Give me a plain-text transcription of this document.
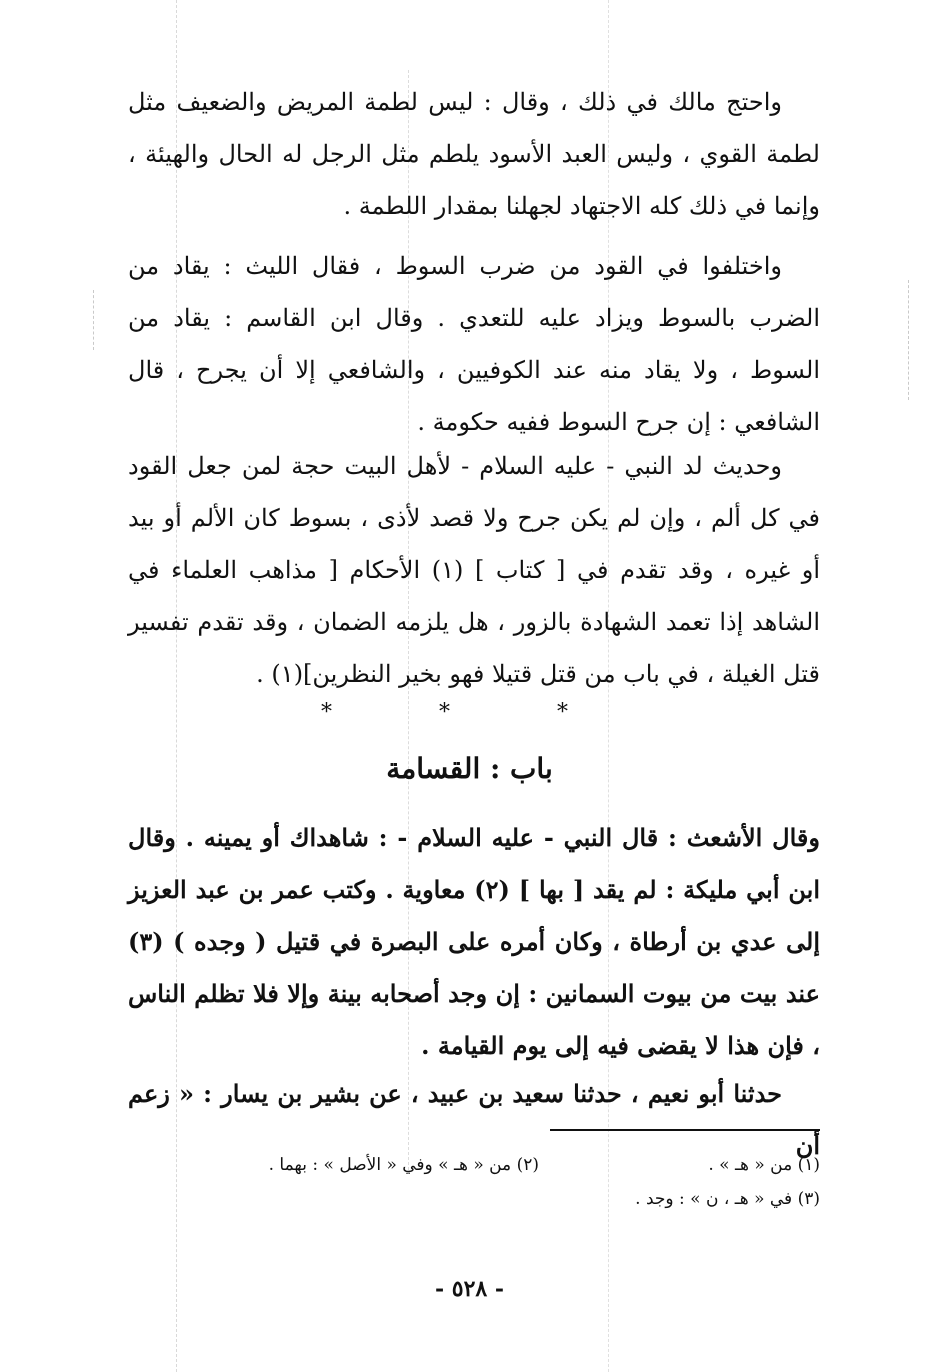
واحتج مالك في ذلك ، وقال : ليس لطمة المريض والضعيف مثل لطمة القوي ، وليس العبد الأسود يلطم مثل الرجل له الحال والهيئة ، وإنما في ذلك كله الاجتهاد لجهلنا بمقدار اللطمة .

واختلفوا في القود من ضرب السوط ، فقال الليث : يقاد من الضرب بالسوط ويزاد عليه للتعدي . وقال ابن القاسم : يقاد من السوط ، ولا يقاد منه عند الكوفيين ، والشافعي إلا أن يجرح ، قال الشافعي : إن جرح السوط ففيه حكومة .

وحديث لد النبي - عليه السلام - لأهل البيت حجة لمن جعل القود في كل ألم ، وإن لم يكن جرح ولا قصد لأذى ، بسوط كان الألم أو بيد أو غيره ، وقد تقدم في [ كتاب ] (١) الأحكام [ مذاهب العلماء في الشاهد إذا تعمد الشهادة بالزور ، هل يلزمه الضمان ، وقد تقدم تفسير قتل الغيلة ، في باب من قتل قتيلا فهو بخير النظرين](١) .

* * *

باب : القسامة

وقال الأشعث : قال النبي - عليه السلام - : شاهداك أو يمينه . وقال ابن أبي مليكة : لم يقد [ بها ] (٢) معاوية . وكتب عمر بن عبد العزيز إلى عدي بن أرطاة ، وكان أمره على البصرة في قتيل ( وجده ) (٣) عند بيت من بيوت السمانين : إن وجد أصحابه بينة وإلا فلا تظلم الناس ، فإن هذا لا يقضى فيه إلى يوم القيامة .

حدثنا أبو نعيم ، حدثنا سعيد بن عبيد ، عن بشير بن يسار : « زعم أن

(١) من « هـ » .

(٢) من « هـ » وفي « الأصل » : بهما .

(٣) في « هـ ، ن » : وجد .

- ٥٢٨ -
